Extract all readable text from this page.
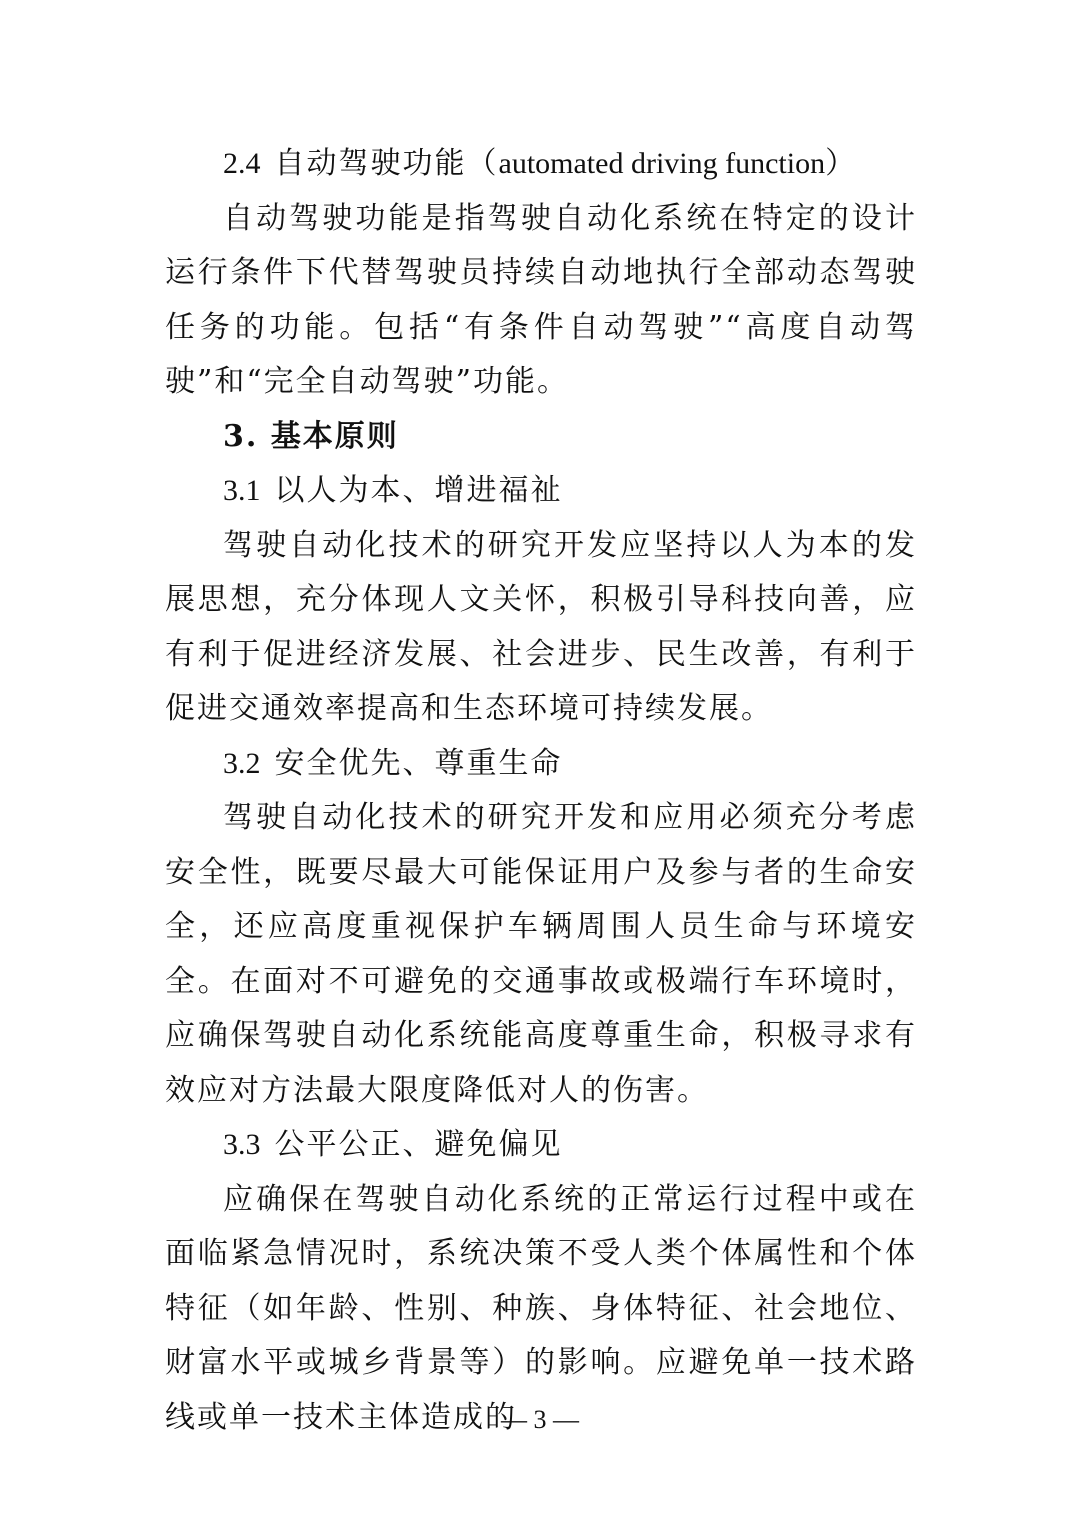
2.4 自动驾驶功能（automated driving function）

自动驾驶功能是指驾驶自动化系统在特定的设计运行条件下代替驾驶员持续自动地执行全部动态驾驶任务的功能。包括“有条件自动驾驶”“高度自动驾驶”和“完全自动驾驶”功能。

3. 基本原则

3.1 以人为本、增进福祉

驾驶自动化技术的研究开发应坚持以人为本的发展思想，充分体现人文关怀，积极引导科技向善，应有利于促进经济发展、社会进步、民生改善，有利于促进交通效率提高和生态环境可持续发展。

3.2 安全优先、尊重生命

驾驶自动化技术的研究开发和应用必须充分考虑安全性，既要尽最大可能保证用户及参与者的生命安全，还应高度重视保护车辆周围人员生命与环境安全。在面对不可避免的交通事故或极端行车环境时，应确保驾驶自动化系统能高度尊重生命，积极寻求有效应对方法最大限度降低对人的伤害。

3.3 公平公正、避免偏见

应确保在驾驶自动化系统的正常运行过程中或在面临紧急情况时，系统决策不受人类个体属性和个体特征（如年龄、性别、种族、身体特征、社会地位、财富水平或城乡背景等）的影响。应避免单一技术路线或单一技术主体造成的

— 3 —
